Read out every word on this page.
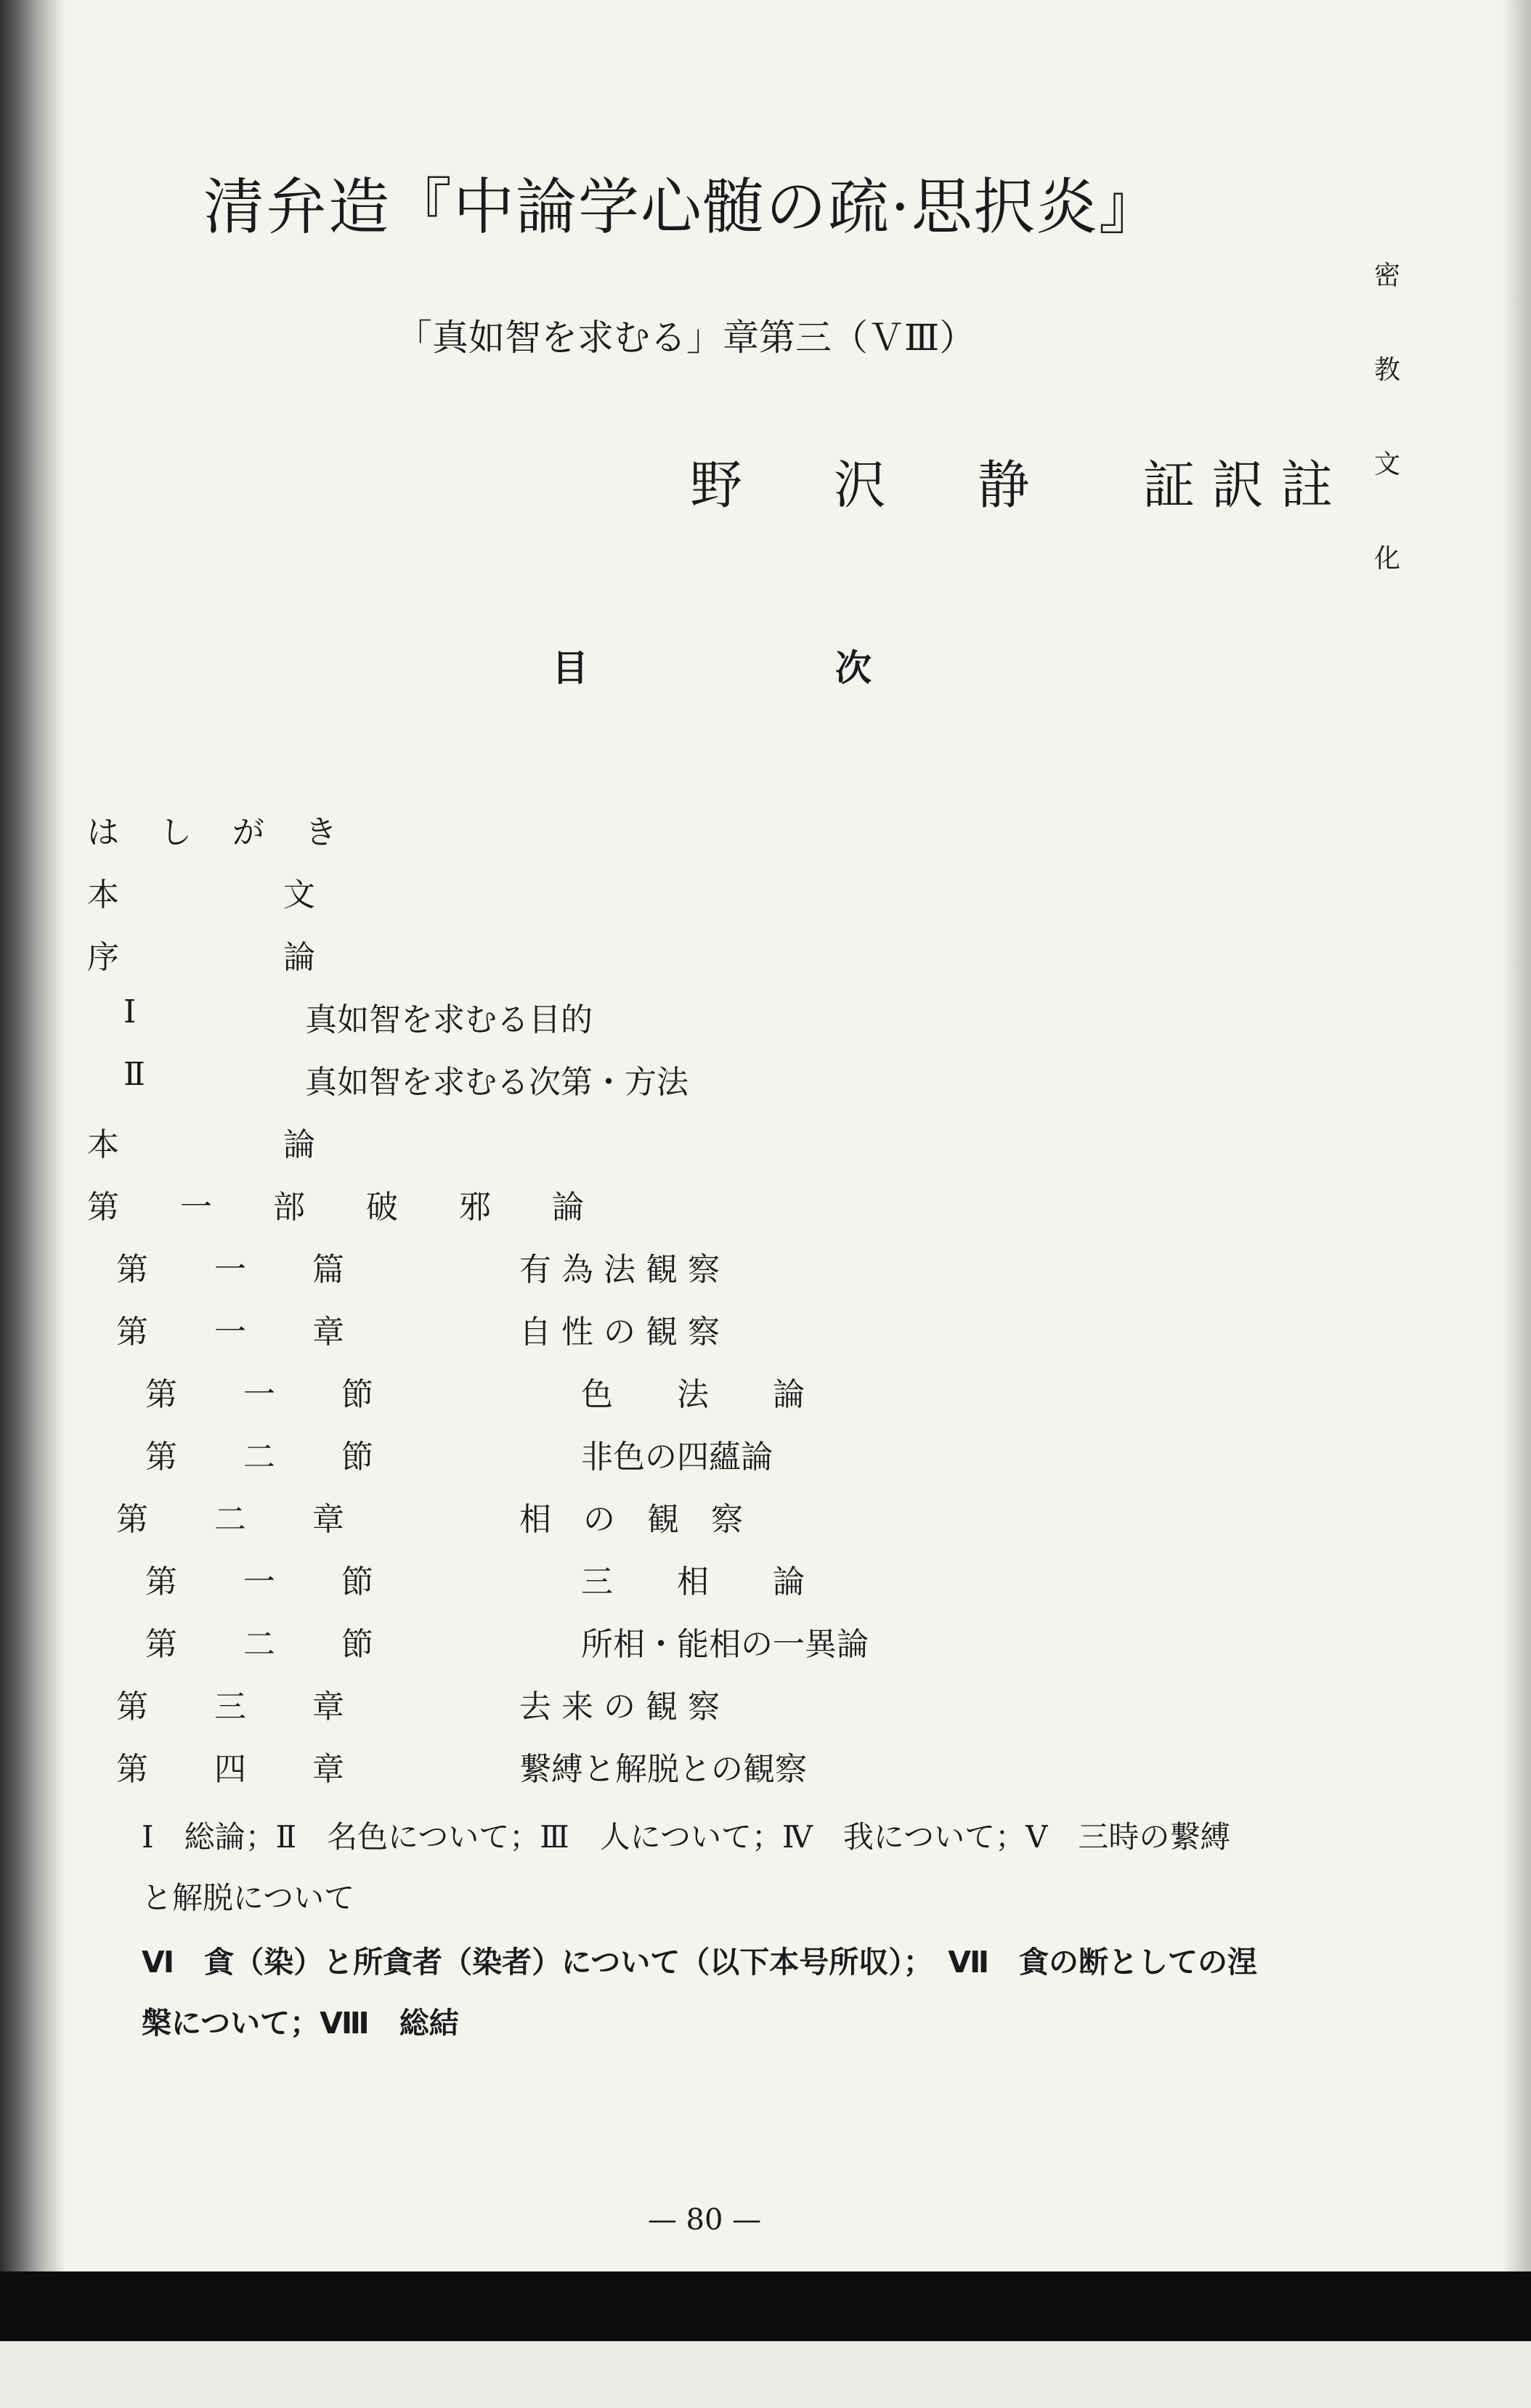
清弁造『中論学心髄の疏·思択炎』
「真如智を求むる」章第三（ＶⅢ）
野 沢 静 証 訳 註
密
教
文
化
目	次
は し が き
本	文
序	論
Ⅰ	真如智を求むる目的
Ⅱ	真如智を求むる次第・方法
本	論
第 一 部 破 邪 論
第 一 篇	有 為 法 観 察
第 一 章	自 性 の 観 察
第 一 節	色　　法　　論
第 二 節	非色の四蘊論
第 二 章	相　の　観　察
第 一 節	三　　相　　論
第 二 節	所相・能相の一異論
第 三 章	去 来 の 観 察
第 四 章	繋縛と解脱との観察
Ⅰ　総論；Ⅱ　名色について；Ⅲ　人について；Ⅳ　我について；Ⅴ　三時の繋縛
と解脱について
Ⅵ　貪（染）と所貪者（染者）について（以下本号所収）；　Ⅶ　貪の断としての涅
槃について；Ⅷ　総結
— 80 —
